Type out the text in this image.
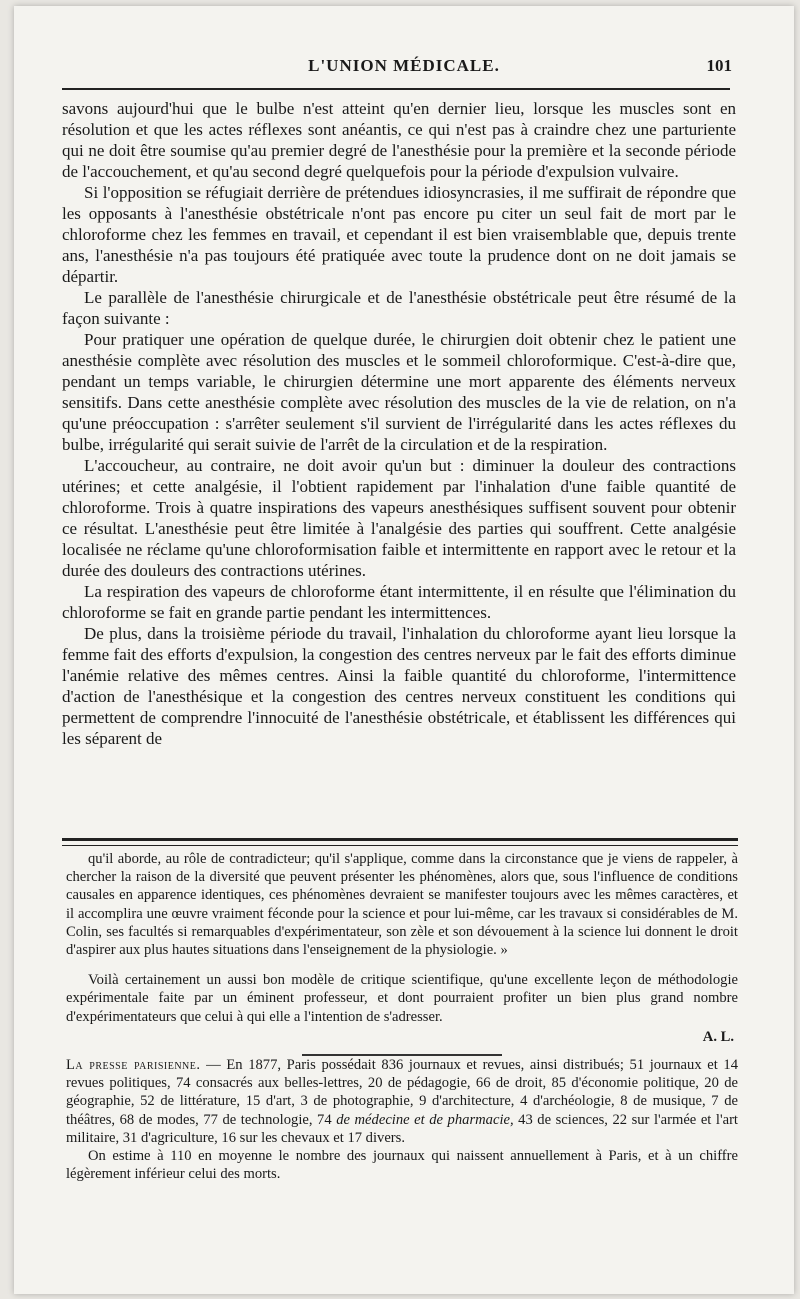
L'UNION MÉDICALE.	101

savons aujourd'hui que le bulbe n'est atteint qu'en dernier lieu, lorsque les muscles sont en résolution et que les actes réflexes sont anéantis, ce qui n'est pas à craindre chez une parturiente qui ne doit être soumise qu'au premier degré de l'anesthésie pour la première et la seconde période de l'accouchement, et qu'au second degré quelquefois pour la période d'expulsion vulvaire.

Si l'opposition se réfugiait derrière de prétendues idiosyncrasies, il me suffirait de répondre que les opposants à l'anesthésie obstétricale n'ont pas encore pu citer un seul fait de mort par le chloroforme chez les femmes en travail, et cependant il est bien vraisemblable que, depuis trente ans, l'anesthésie n'a pas toujours été pratiquée avec toute la prudence dont on ne doit jamais se départir.

Le parallèle de l'anesthésie chirurgicale et de l'anesthésie obstétricale peut être résumé de la façon suivante :

Pour pratiquer une opération de quelque durée, le chirurgien doit obtenir chez le patient une anesthésie complète avec résolution des muscles et le sommeil chloroformique. C'est-à-dire que, pendant un temps variable, le chirurgien détermine une mort apparente des éléments nerveux sensitifs. Dans cette anesthésie complète avec résolution des muscles de la vie de relation, on n'a qu'une préoccupation : s'arrêter seulement s'il survient de l'irrégularité dans les actes réflexes du bulbe, irrégularité qui serait suivie de l'arrêt de la circulation et de la respiration.

L'accoucheur, au contraire, ne doit avoir qu'un but : diminuer la douleur des contractions utérines; et cette analgésie, il l'obtient rapidement par l'inhalation d'une faible quantité de chloroforme. Trois à quatre inspirations des vapeurs anesthésiques suffisent souvent pour obtenir ce résultat. L'anesthésie peut être limitée à l'analgésie des parties qui souffrent. Cette analgésie localisée ne réclame qu'une chloroformisation faible et intermittente en rapport avec le retour et la durée des douleurs des contractions utérines.

La respiration des vapeurs de chloroforme étant intermittente, il en résulte que l'élimination du chloroforme se fait en grande partie pendant les intermittences.

De plus, dans la troisième période du travail, l'inhalation du chloroforme ayant lieu lorsque la femme fait des efforts d'expulsion, la congestion des centres nerveux par le fait des efforts diminue l'anémie relative des mêmes centres. Ainsi la faible quantité du chloroforme, l'intermittence d'action de l'anesthésique et la congestion des centres nerveux constituent les conditions qui permettent de comprendre l'innocuité de l'anesthésie obstétricale, et établissent les différences qui les séparent de

qu'il aborde, au rôle de contradicteur; qu'il s'applique, comme dans la circonstance que je viens de rappeler, à chercher la raison de la diversité que peuvent présenter les phénomènes, alors que, sous l'influence de conditions causales en apparence identiques, ces phénomènes devraient se manifester toujours avec les mêmes caractères, et il accomplira une œuvre vraiment féconde pour la science et pour lui-même, car les travaux si considérables de M. Colin, ses facultés si remarquables d'expérimentateur, son zèle et son dévouement à la science lui donnent le droit d'aspirer aux plus hautes situations dans l'enseignement de la physiologie. »

Voilà certainement un aussi bon modèle de critique scientifique, qu'une excellente leçon de méthodologie expérimentale faite par un éminent professeur, et dont pourraient profiter un bien plus grand nombre d'expérimentateurs que celui à qui elle a l'intention de s'adresser.

A. L.

La presse parisienne. — En 1877, Paris possédait 836 journaux et revues, ainsi distribués; 51 journaux et 14 revues politiques, 74 consacrés aux belles-lettres, 20 de pédagogie, 66 de droit, 85 d'économie politique, 20 de géographie, 52 de littérature, 15 d'art, 3 de photographie, 9 d'architecture, 4 d'archéologie, 8 de musique, 7 de théâtres, 68 de modes, 77 de technologie, 74 de médecine et de pharmacie, 43 de sciences, 22 sur l'armée et l'art militaire, 31 d'agriculture, 16 sur les chevaux et 17 divers.

On estime à 110 en moyenne le nombre des journaux qui naissent annuellement à Paris, et à un chiffre légèrement inférieur celui des morts.
